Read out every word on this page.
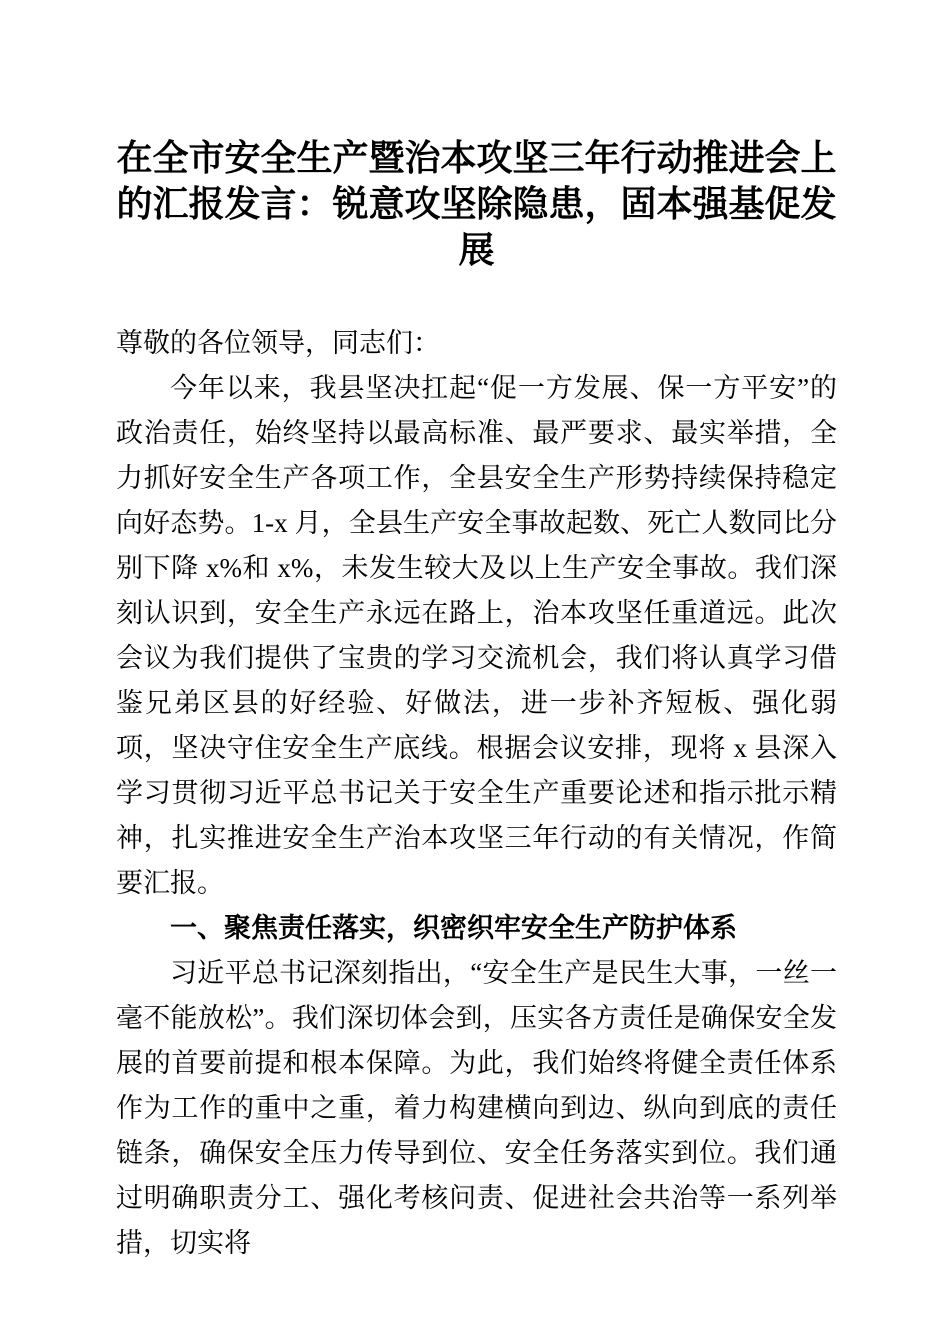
在全市安全生产暨治本攻坚三年行动推进会上的汇报发言：锐意攻坚除隐患，固本强基促发展

尊敬的各位领导，同志们：

今年以来，我县坚决扛起“促一方发展、保一方平安”的政治责任，始终坚持以最高标准、最严要求、最实举措，全力抓好安全生产各项工作，全县安全生产形势持续保持稳定向好态势。1-x 月，全县生产安全事故起数、死亡人数同比分别下降 x%和 x%，未发生较大及以上生产安全事故。我们深刻认识到，安全生产永远在路上，治本攻坚任重道远。此次会议为我们提供了宝贵的学习交流机会，我们将认真学习借鉴兄弟区县的好经验、好做法，进一步补齐短板、强化弱项，坚决守住安全生产底线。根据会议安排，现将 x 县深入学习贯彻习近平总书记关于安全生产重要论述和指示批示精神，扎实推进安全生产治本攻坚三年行动的有关情况，作简要汇报。

一、聚焦责任落实，织密织牢安全生产防护体系

习近平总书记深刻指出，“安全生产是民生大事，一丝一毫不能放松”。我们深切体会到，压实各方责任是确保安全发展的首要前提和根本保障。为此，我们始终将健全责任体系作为工作的重中之重，着力构建横向到边、纵向到底的责任链条，确保安全压力传导到位、安全任务落实到位。我们通过明确职责分工、强化考核问责、促进社会共治等一系列举措，切实将
